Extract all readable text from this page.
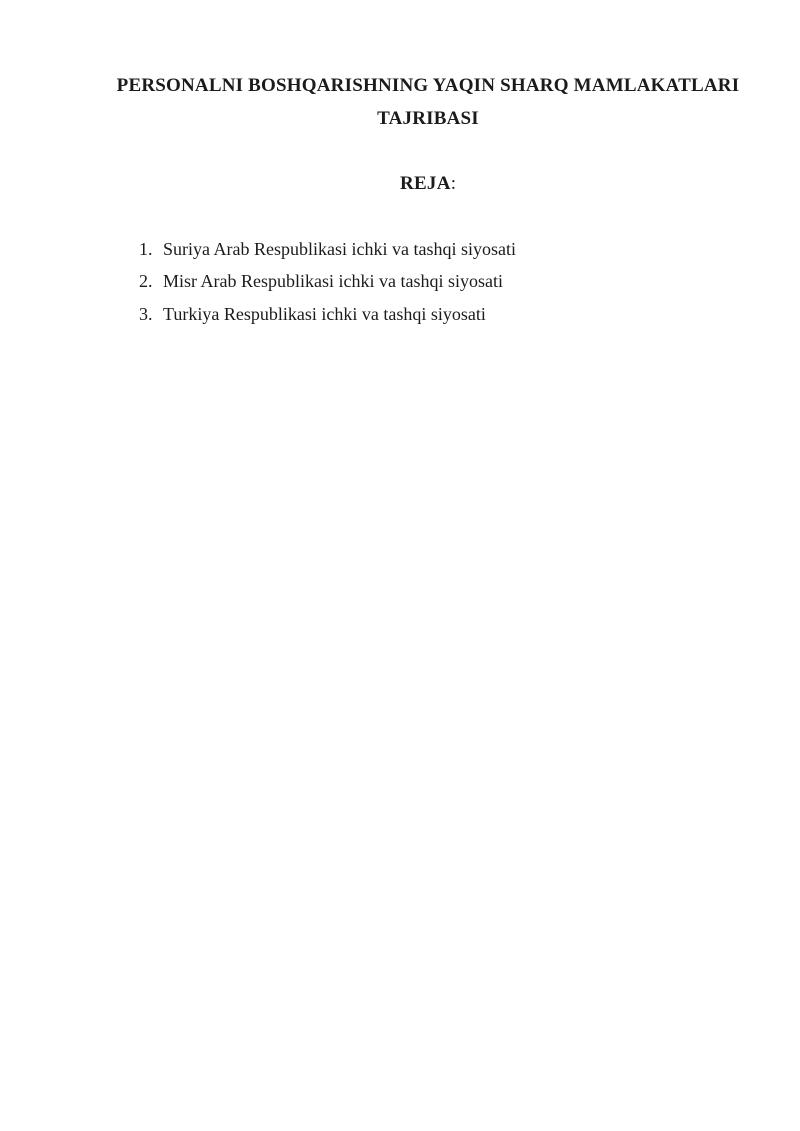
PERSONALNI BOSHQARISHNING YAQIN SHARQ MAMLAKATLARI
TAJRIBASI

REJA:

1. Suriya Arab Respublikasi ichki va tashqi siyosati
2. Misr Arab Respublikasi ichki va tashqi siyosati
3. Turkiya Respublikasi ichki va tashqi siyosati
